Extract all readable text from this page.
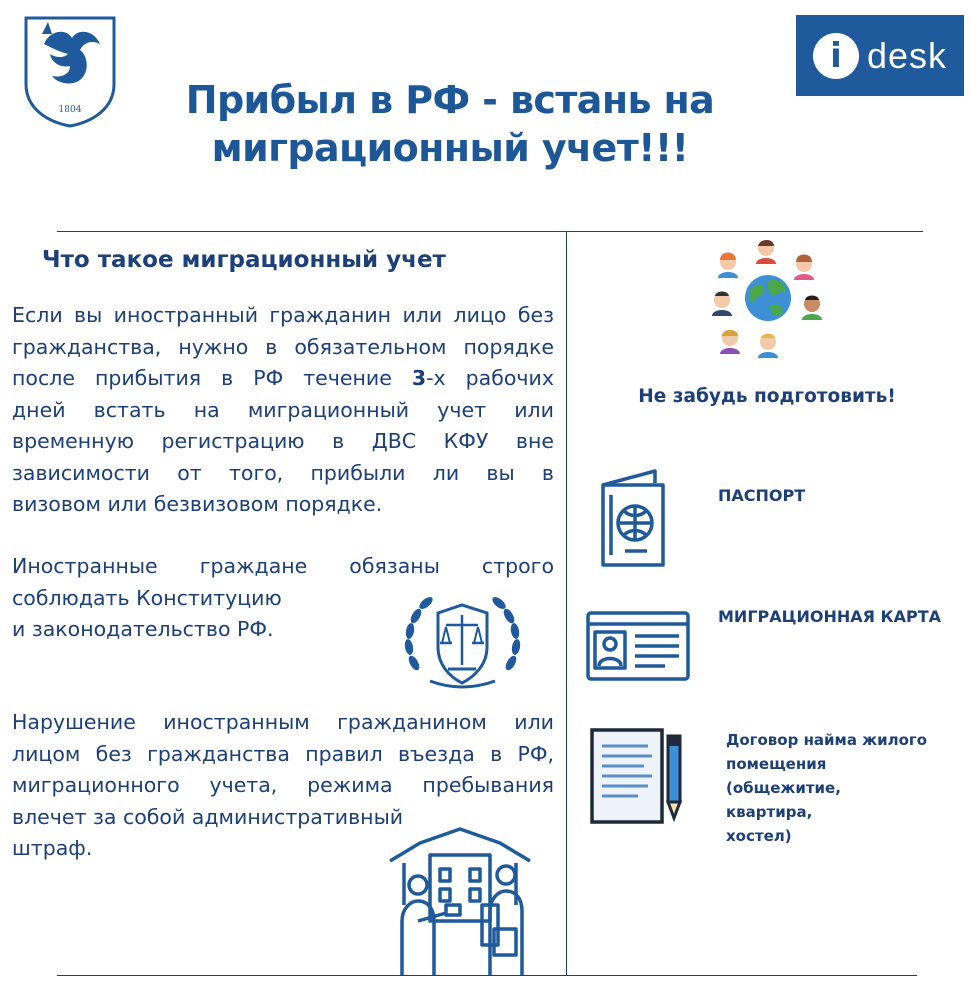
1804
i desk
Прибыл в РФ - встань на
миграционный учет!!!
Что такое миграционный учет
Если вы иностранный гражданин или лицо без
гражданства, нужно в обязательном порядке
после прибытия в РФ течение 3-х рабочих
дней встать на миграционный учет или
временную регистрацию в ДВС КФУ вне
зависимости от того, прибыли ли вы в
визовом или безвизовом порядке.
Иностранные граждане обязаны строго
соблюдать Конституцию
и законодательство РФ.
Нарушение иностранным гражданином или
лицом без гражданства правил въезда в РФ,
миграционного учета, режима пребывания
влечет за собой административный
штраф.
Не забудь подготовить!
ПАСПОРТ
МИГРАЦИОННАЯ КАРТА
Договор найма жилого
помещения
(общежитие,
квартира,
хостел)
